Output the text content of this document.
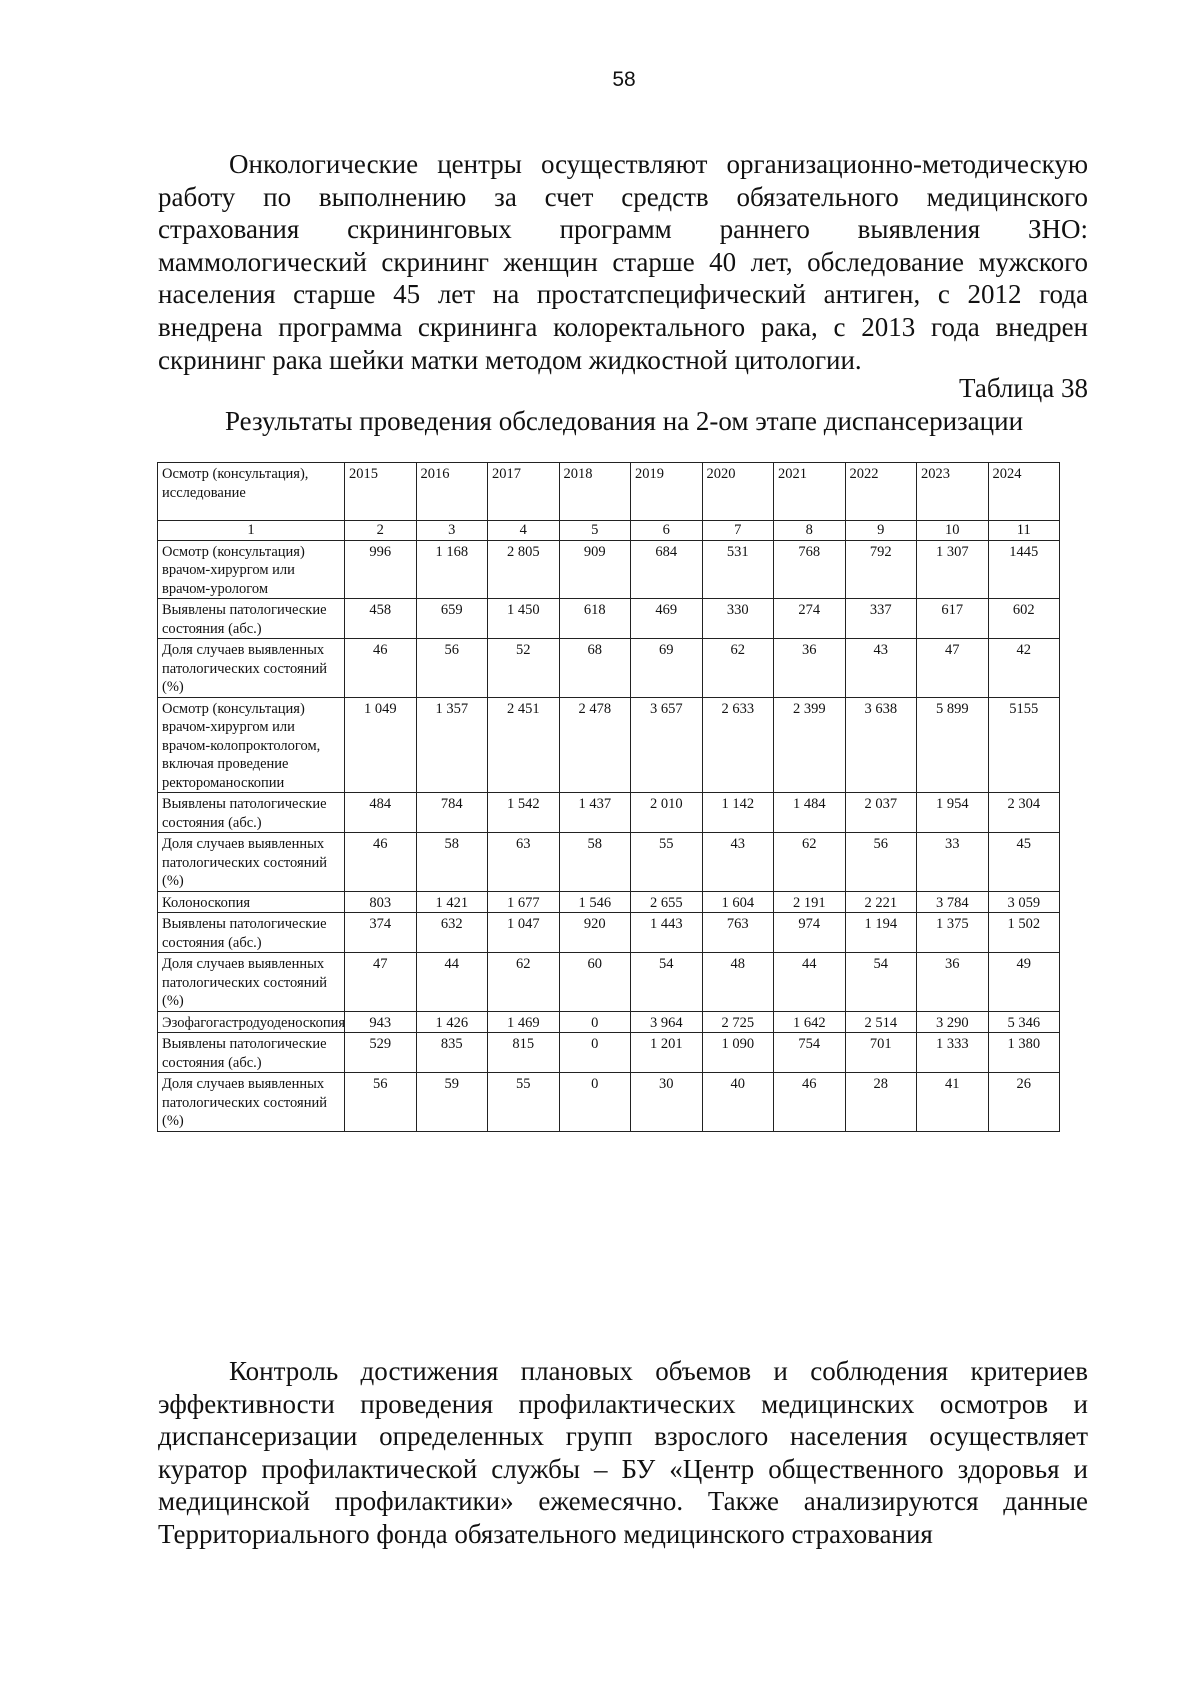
58

Онкологические центры осуществляют организационно-методическую работу по выполнению за счет средств обязательного медицинского страхования скрининговых программ раннего выявления ЗНО: маммологический скрининг женщин старше 40 лет, обследование мужского населения старше 45 лет на простатспецифический антиген, с 2012 года внедрена программа скрининга колоректального рака, с 2013 года внедрен скрининг рака шейки матки методом жидкостной цитологии.

Таблица 38
Результаты проведения обследования на 2-ом этапе диспансеризации
Осмотр (консультация), исследование	2015	2016	2017	2018	2019	2020	2021	2022	2023	2024
1	2	3	4	5	6	7	8	9	10	11
Осмотр (консультация) врачом-хирургом или врачом-урологом	996	1 168	2 805	909	684	531	768	792	1 307	1445
Выявлены патологические состояния (абс.)	458	659	1 450	618	469	330	274	337	617	602
Доля случаев выявленных патологических состояний (%)	46	56	52	68	69	62	36	43	47	42
Осмотр (консультация) врачом-хирургом или врачом-колопроктологом, включая проведение ректороманоскопии	1 049	1 357	2 451	2 478	3 657	2 633	2 399	3 638	5 899	5155
Выявлены патологические состояния (абс.)	484	784	1 542	1 437	2 010	1 142	1 484	2 037	1 954	2 304
Доля случаев выявленных патологических состояний (%)	46	58	63	58	55	43	62	56	33	45
Колоноскопия	803	1 421	1 677	1 546	2 655	1 604	2 191	2 221	3 784	3 059
Выявлены патологические состояния (абс.)	374	632	1 047	920	1 443	763	974	1 194	1 375	1 502
Доля случаев выявленных патологических состояний (%)	47	44	62	60	54	48	44	54	36	49
Эзофагогастродуоденоскопия	943	1 426	1 469	0	3 964	2 725	1 642	2 514	3 290	5 346
Выявлены патологические состояния (абс.)	529	835	815	0	1 201	1 090	754	701	1 333	1 380
Доля случаев выявленных патологических состояний (%)	56	59	55	0	30	40	46	28	41	26

Контроль достижения плановых объемов и соблюдения критериев эффективности проведения профилактических медицинских осмотров и диспансеризации определенных групп взрослого населения осуществляет куратор профилактической службы – БУ «Центр общественного здоровья и медицинской профилактики» ежемесячно. Также анализируются данные Территориального фонда обязательного медицинского страхования
